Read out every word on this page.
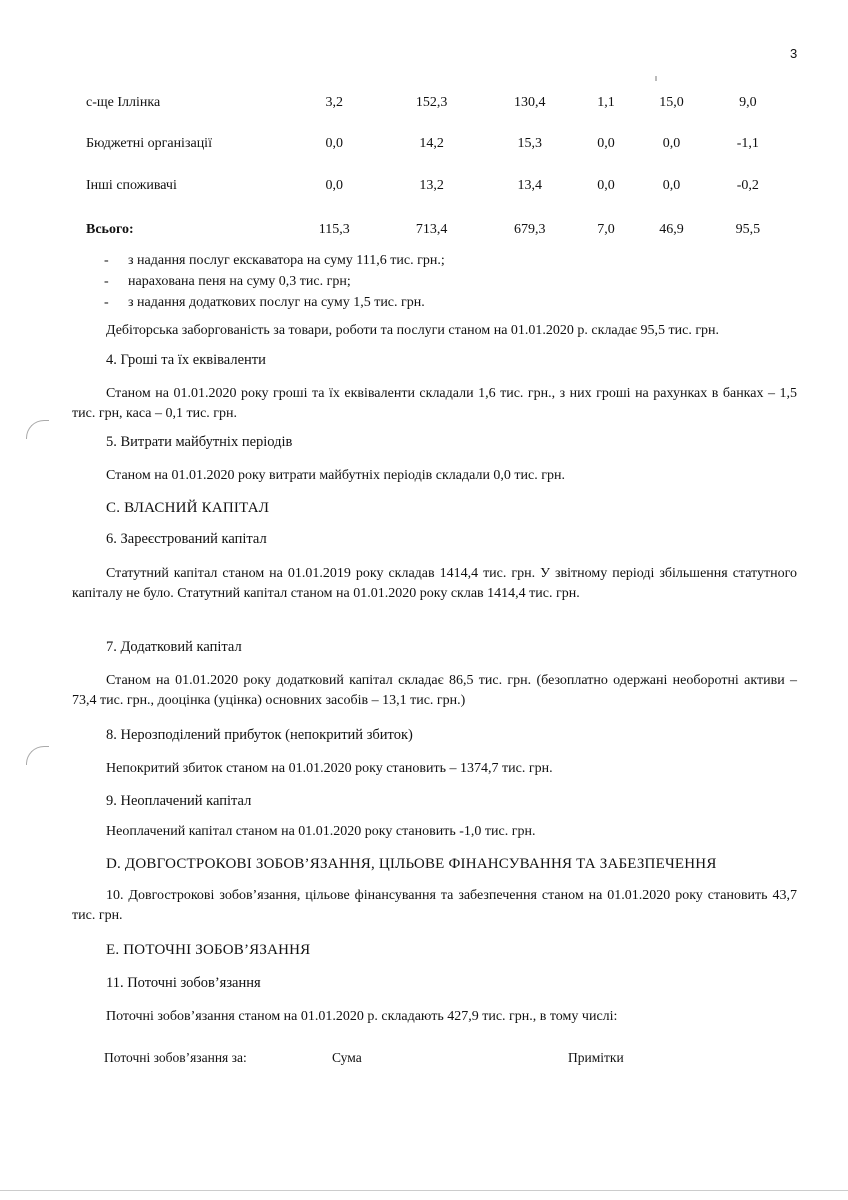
3
с-ще Іллінка	3,2	152,3	130,4	1,1	15,0	9,0

Бюджетні організації	0,0	14,2	15,3	0,0	0,0	-1,1

Інші споживачі	0,0	13,2	13,4	0,0	0,0	-0,2

Всього:	115,3	713,4	679,3	7,0	46,9	95,5
-	з надання послуг екскаватора на суму 111,6 тис. грн.;
-	нарахована пеня на суму 0,3 тис. грн;
-	з надання додаткових послуг на суму 1,5 тис. грн.
Дебіторська заборгованість за товари, роботи та послуги станом на 01.01.2020 р. складає 95,5 тис. грн.
4. Гроші та їх еквіваленти
Станом на 01.01.2020 року гроші та їх еквіваленти складали 1,6 тис. грн., з них гроші на рахунках в банках – 1,5 тис. грн, каса – 0,1 тис. грн.
5. Витрати майбутніх періодів
Станом на 01.01.2020 року витрати майбутніх періодів складали 0,0 тис. грн.
С. ВЛАСНИЙ КАПІТАЛ
6. Зареєстрований капітал
Статутний капітал станом на 01.01.2019 року складав 1414,4 тис. грн. У звітному періоді збільшення статутного капіталу не було. Статутний капітал станом на 01.01.2020 року склав 1414,4 тис. грн.
7. Додатковий капітал
Станом на 01.01.2020 року додатковий капітал складає 86,5 тис. грн. (безоплатно одержані необоротні активи – 73,4 тис. грн., дооцінка (уцінка) основних засобів – 13,1 тис. грн.)
8. Нерозподілений прибуток (непокритий збиток)
Непокритий збиток станом на 01.01.2020 року становить – 1374,7 тис. грн.
9. Неоплачений капітал
Неоплачений капітал станом на 01.01.2020 року становить -1,0 тис. грн.
D. ДОВГОСТРОКОВІ ЗОБОВ’ЯЗАННЯ, ЦІЛЬОВЕ ФІНАНСУВАННЯ ТА ЗАБЕЗПЕЧЕННЯ
10. Довгострокові зобов’язання, цільове фінансування та забезпечення станом на 01.01.2020 року становить 43,7 тис. грн.
Е. ПОТОЧНІ ЗОБОВ’ЯЗАННЯ
11. Поточні зобов’язання
Поточні зобов’язання станом на 01.01.2020 р. складають 427,9 тис. грн., в тому числі:
Поточні зобов’язання за:	Сума	Примітки
